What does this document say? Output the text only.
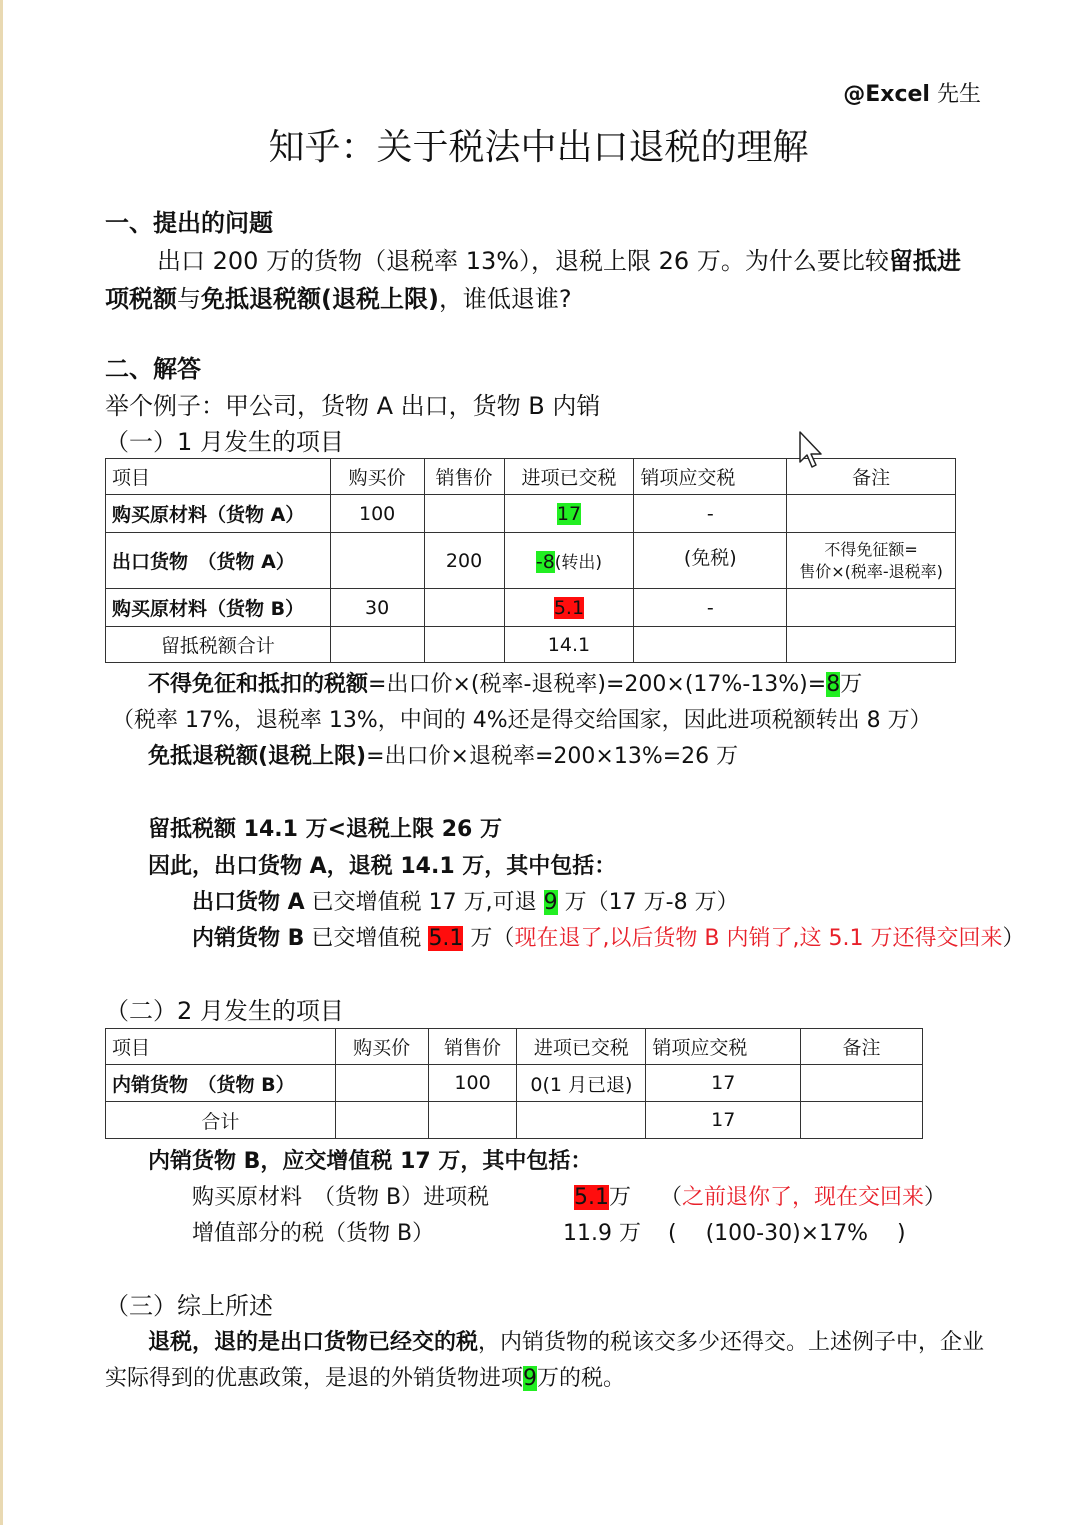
@Excel 先生
知乎：关于税法中出口退税的理解

一、提出的问题

出口 200 万的货物（退税率 13%），退税上限 26 万。为什么要比较留抵进

项税额与免抵退税额(退税上限)，谁低退谁?

二、解答

举个例子：甲公司，货物 A 出口，货物 B 内销

（一）1 月发生的项目

项目	购买价	销售价	进项已交税	销项应交税	备注
购买原材料（货物 A）	100		17	-	
出口货物　（货物 A）		200	-8(转出)	(免税)	不得免征额=
售价×(税率-退税率)

购买原材料（货物 B）	30		5.1	-	
留抵税额合计			14.1		

不得免征和抵扣的税额=出口价×(税率-退税率)=200×(17%-13%)=8万

（税率 17%，退税率 13%，中间的 4%还是得交给国家，因此进项税额转出 8 万）

免抵退税额(退税上限)=出口价×退税率=200×13%=26 万

留抵税额 14.1 万<退税上限 26 万

因此，出口货物 A，退税 14.1 万，其中包括：

出口货物 A 已交增值税 17 万,可退 9 万（17 万-8 万）

内销货物 B 已交增值税 5.1 万（现在退了,以后货物 B 内销了,这 5.1 万还得交回来）

（二）2 月发生的项目

项目	购买价	销售价	进项已交税	销项应交税	备注
内销货物　（货物 B）		100	0(1 月已退)	17	
合计				17	

内销货物 B，应交增值税 17 万，其中包括：

购买原材料　（货物 B）进项税	5.1万 （之前退你了，现在交回来）

增值部分的税（货物 B）	11.9 万 (　 (100-30)×17%　 )

（三）综上所述

退税，退的是出口货物已经交的税，内销货物的税该交多少还得交。上述例子中，企业

实际得到的优惠政策，是退的外销货物进项9万的税。
